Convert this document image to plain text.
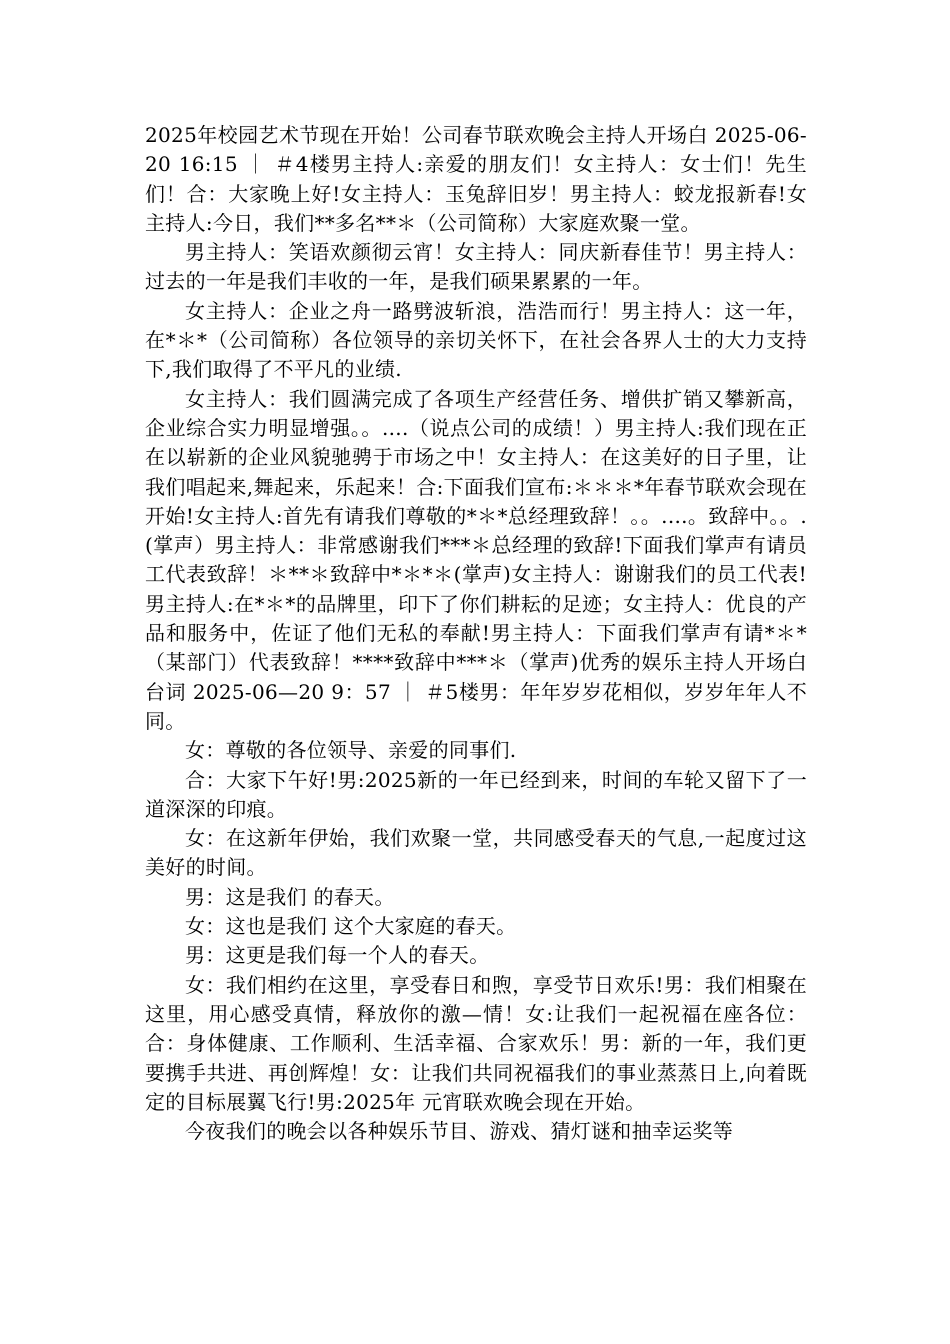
2025年校园艺术节现在开始！公司春节联欢晚会主持人开场白 2025-06-20 16:15 ｜ ＃4楼男主持人:亲爱的朋友们！女主持人：女士们！先生们！合：大家晚上好!女主持人：玉兔辞旧岁！男主持人：蛟龙报新春!女主持人:今日，我们**多名**＊（公司简称）大家庭欢聚一堂。

男主持人：笑语欢颜彻云宵！女主持人：同庆新春佳节！男主持人：过去的一年是我们丰收的一年，是我们硕果累累的一年。

女主持人：企业之舟一路劈波斩浪，浩浩而行！男主持人：这一年，在*＊*（公司简称）各位领导的亲切关怀下，在社会各界人士的大力支持下,我们取得了不平凡的业绩.

女主持人：我们圆满完成了各项生产经营任务、增供扩销又攀新高，企业综合实力明显增强。。....（说点公司的成绩！）男主持人:我们现在正在以崭新的企业风貌驰骋于市场之中！女主持人：在这美好的日子里，让我们唱起来,舞起来，乐起来！合:下面我们宣布:＊＊＊*年春节联欢会现在开始!女主持人:首先有请我们尊敬的*＊*总经理致辞！。。....。致辞中。。.(掌声）男主持人：非常感谢我们***＊总经理的致辞!下面我们掌声有请员工代表致辞！＊**＊致辞中*＊*＊(掌声)女主持人：谢谢我们的员工代表!男主持人:在*＊*的品牌里，印下了你们耕耘的足迹；女主持人：优良的产品和服务中，佐证了他们无私的奉献!男主持人：下面我们掌声有请*＊*（某部门）代表致辞！****致辞中***＊（掌声)优秀的娱乐主持人开场白台词 2025-06—20 9：57 ｜ ＃5楼男：年年岁岁花相似，岁岁年年人不同。

女：尊敬的各位领导、亲爱的同事们.

合：大家下午好!男:2025新的一年已经到来，时间的车轮又留下了一道深深的印痕。

女：在这新年伊始，我们欢聚一堂，共同感受春天的气息,一起度过这美好的时间。

男：这是我们 的春天。

女：这也是我们 这个大家庭的春天。

男：这更是我们每一个人的春天。

女：我们相约在这里，享受春日和煦，享受节日欢乐!男：我们相聚在这里，用心感受真情，释放你的激—情！女:让我们一起祝福在座各位：合：身体健康、工作顺利、生活幸福、合家欢乐！男：新的一年，我们更要携手共进、再创辉煌！女：让我们共同祝福我们的事业蒸蒸日上,向着既定的目标展翼飞行!男:2025年 元宵联欢晚会现在开始。

今夜我们的晚会以各种娱乐节目、游戏、猜灯谜和抽幸运奖等
